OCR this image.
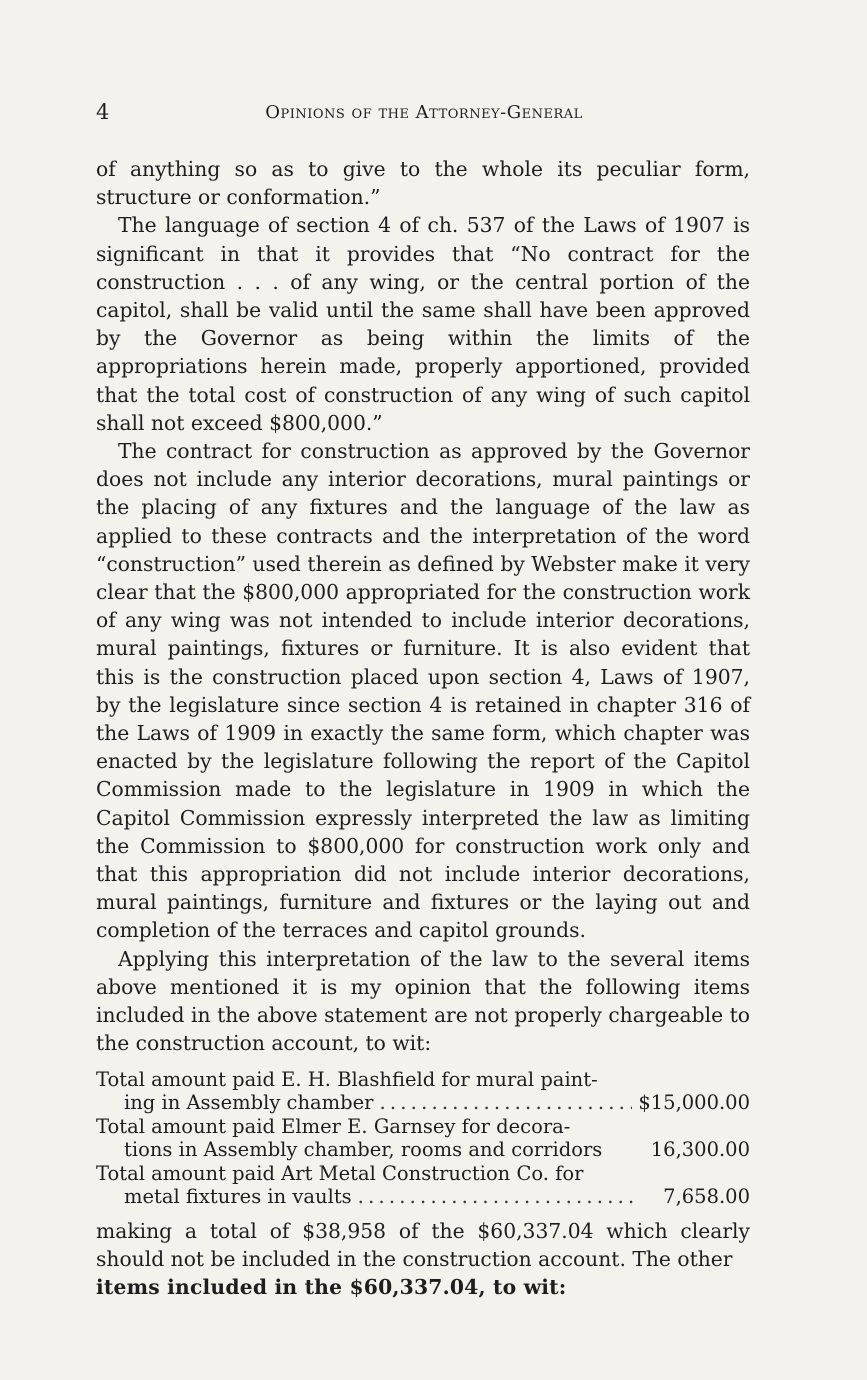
4	Opinions of the Attorney-General

of anything so as to give to the whole its peculiar form, structure or conformation.”

The language of section 4 of ch. 537 of the Laws of 1907 is significant in that it provides that “No contract for the construction . . . of any wing, or the central portion of the capitol, shall be valid until the same shall have been approved by the Governor as being within the limits of the appropriations herein made, properly apportioned, provided that the total cost of construction of any wing of such capitol shall not exceed $800,000.”

The contract for construction as approved by the Governor does not include any interior decorations, mural paintings or the placing of any fixtures and the language of the law as applied to these contracts and the interpretation of the word “construction” used therein as defined by Webster make it very clear that the $800,000 appropriated for the construction work of any wing was not intended to include interior decorations, mural paintings, fixtures or furniture. It is also evident that this is the construction placed upon section 4, Laws of 1907, by the legislature since section 4 is retained in chapter 316 of the Laws of 1909 in exactly the same form, which chapter was enacted by the legislature following the report of the Capitol Commission made to the legislature in 1909 in which the Capitol Commission expressly interpreted the law as limiting the Commission to $800,000 for construction work only and that this appropriation did not include interior decorations, mural paintings, furniture and fixtures or the laying out and completion of the terraces and capitol grounds.

Applying this interpretation of the law to the several items above mentioned it is my opinion that the following items included in the above statement are not properly chargeable to the construction account, to wit:

Total amount paid E. H. Blashfield for mural paint-
ing in Assembly chamber . . .	$15,000.00
Total amount paid Elmer E. Garnsey for decora-
tions in Assembly chamber, rooms and corridors	16,300.00
Total amount paid Art Metal Construction Co. for
metal fixtures in vaults . . .	7,658.00

making a total of $38,958 of the $60,337.04 which clearly should not be included in the construction account. The other

items included in the $60,337.04, to wit:
